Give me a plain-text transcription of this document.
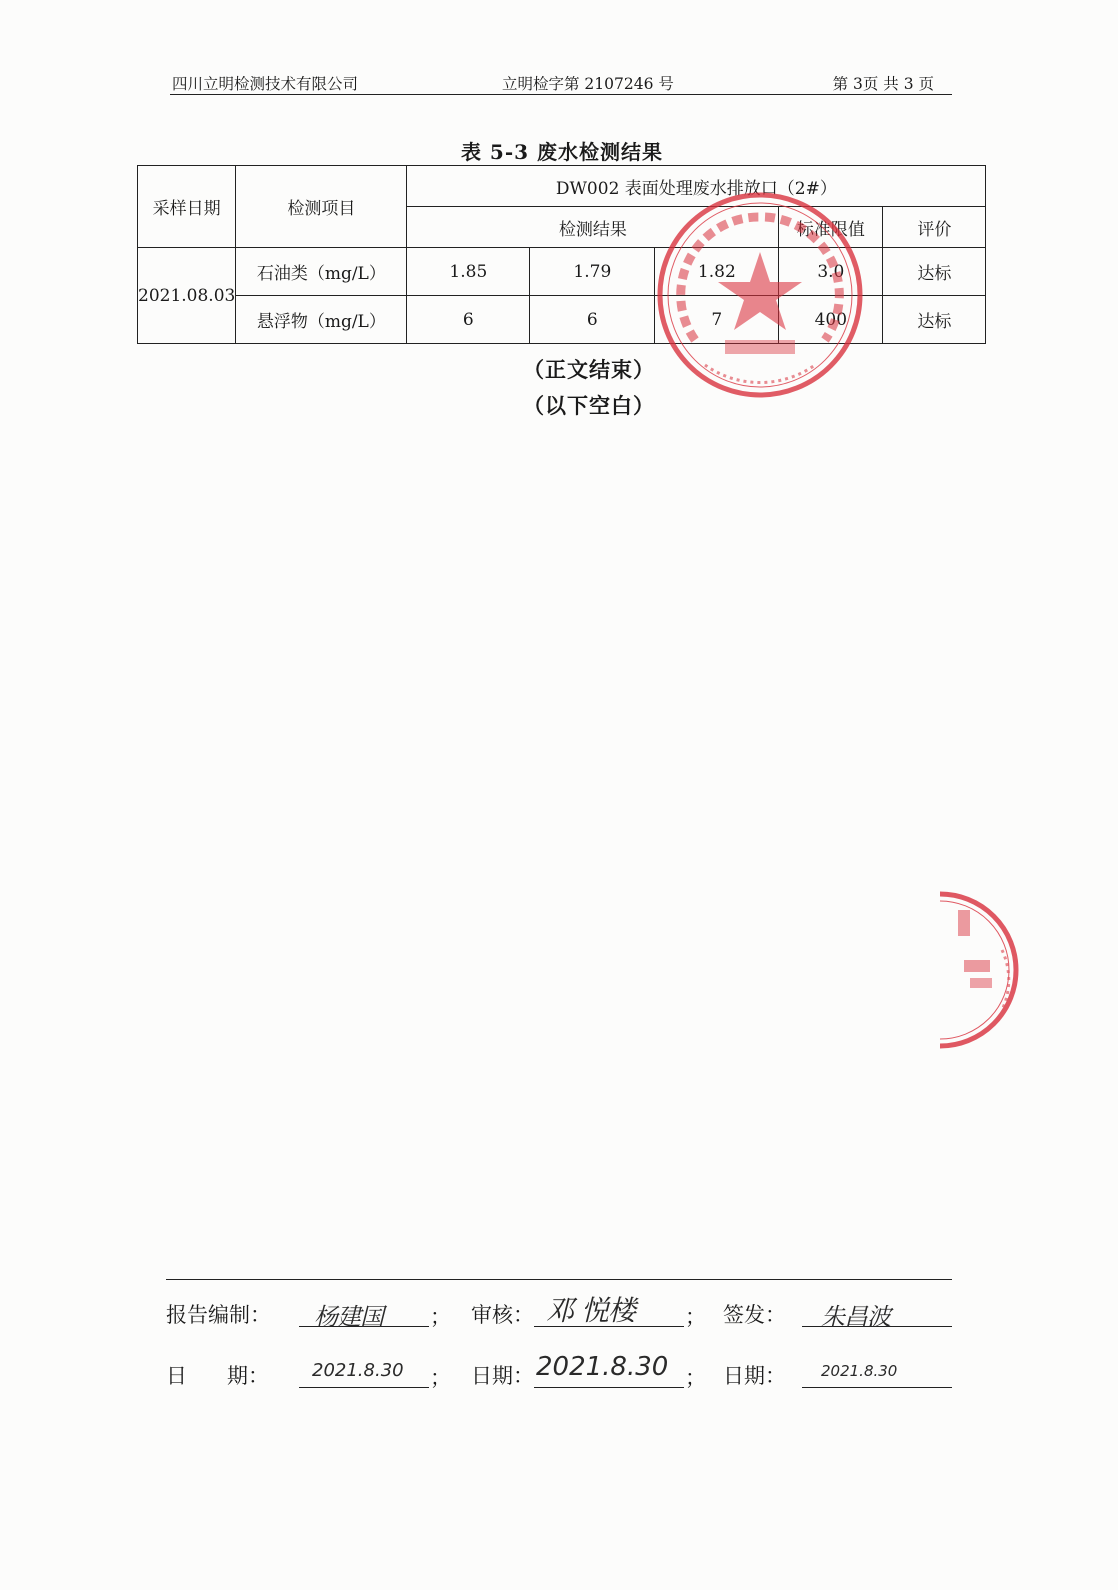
四川立明检测技术有限公司	立明检字第 2107246 号	第 3页 共 3 页
表 5-3 废水检测结果
采样日期	检测项目	DW002 表面处理废水排放口（2#）				
		检测结果			标准限值	评价
2021.08.03	石油类（mg/L）	1.85	1.79	1.82	3.0	达标
	悬浮物（mg/L）	6	6	7	400	达标
（正文结束）
（以下空白）
报告编制： 杨建国 ； 审核： 邓 悦楼 ； 签发： 朱昌波
日      期： 2021.8.30 ； 日期： 2021.8.30 ； 日期： 2021.8.30
